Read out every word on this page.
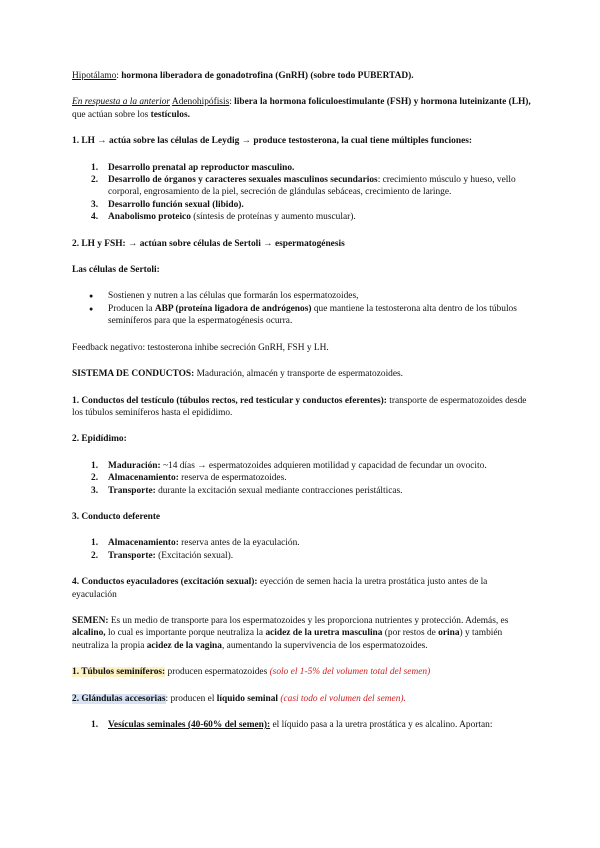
Hipotálamo: hormona liberadora de gonadotrofina (GnRH) (sobre todo PUBERTAD).

En respuesta a la anterior Adenohipófisis: libera la hormona foliculoestimulante (FSH) y hormona luteinizante (LH), que actúan sobre los testículos.

1. LH → actúa sobre las células de Leydig → produce testosterona, la cual tiene múltiples funciones:

1. Desarrollo prenatal ap reproductor masculino.
2. Desarrollo de órganos y caracteres sexuales masculinos secundarios: crecimiento músculo y hueso, vello corporal, engrosamiento de la piel, secreción de glándulas sebáceas, crecimiento de laringe.
3. Desarrollo función sexual (libido).
4. Anabolismo proteico (síntesis de proteínas y aumento muscular).

2. LH y FSH: → actúan sobre células de Sertoli → espermatogénesis

Las células de Sertoli:

● Sostienen y nutren a las células que formarán los espermatozoides,
● Producen la ABP (proteína ligadora de andrógenos) que mantiene la testosterona alta dentro de los túbulos seminíferos para que la espermatogénesis ocurra.

Feedback negativo: testosterona inhibe secreción GnRH, FSH y LH.

SISTEMA DE CONDUCTOS: Maduración, almacén y transporte de espermatozoides.

1. Conductos del testículo (túbulos rectos, red testicular y conductos eferentes): transporte de espermatozoides desde los túbulos seminíferos hasta el epidídimo.

2. Epidídimo:

1. Maduración: ~14 días → espermatozoides adquieren motilidad y capacidad de fecundar un ovocito.
2. Almacenamiento: reserva de espermatozoides.
3. Transporte: durante la excitación sexual mediante contracciones peristálticas.

3. Conducto deferente

1. Almacenamiento: reserva antes de la eyaculación.
2. Transporte: (Excitación sexual).

4. Conductos eyaculadores (excitación sexual): eyección de semen hacia la uretra prostática justo antes de la eyaculación

SEMEN: Es un medio de transporte para los espermatozoides y les proporciona nutrientes y protección. Además, es alcalino, lo cual es importante porque neutraliza la acidez de la uretra masculina (por restos de orina) y también neutraliza la propia acidez de la vagina, aumentando la supervivencia de los espermatozoides.

1. Túbulos seminíferos: producen espermatozoides (solo el 1-5% del volumen total del semen)

2. Glándulas accesorias: producen el líquido seminal (casi todo el volumen del semen).

1. Vesículas seminales (40-60% del semen): el líquido pasa a la uretra prostática y es alcalino. Aportan:
